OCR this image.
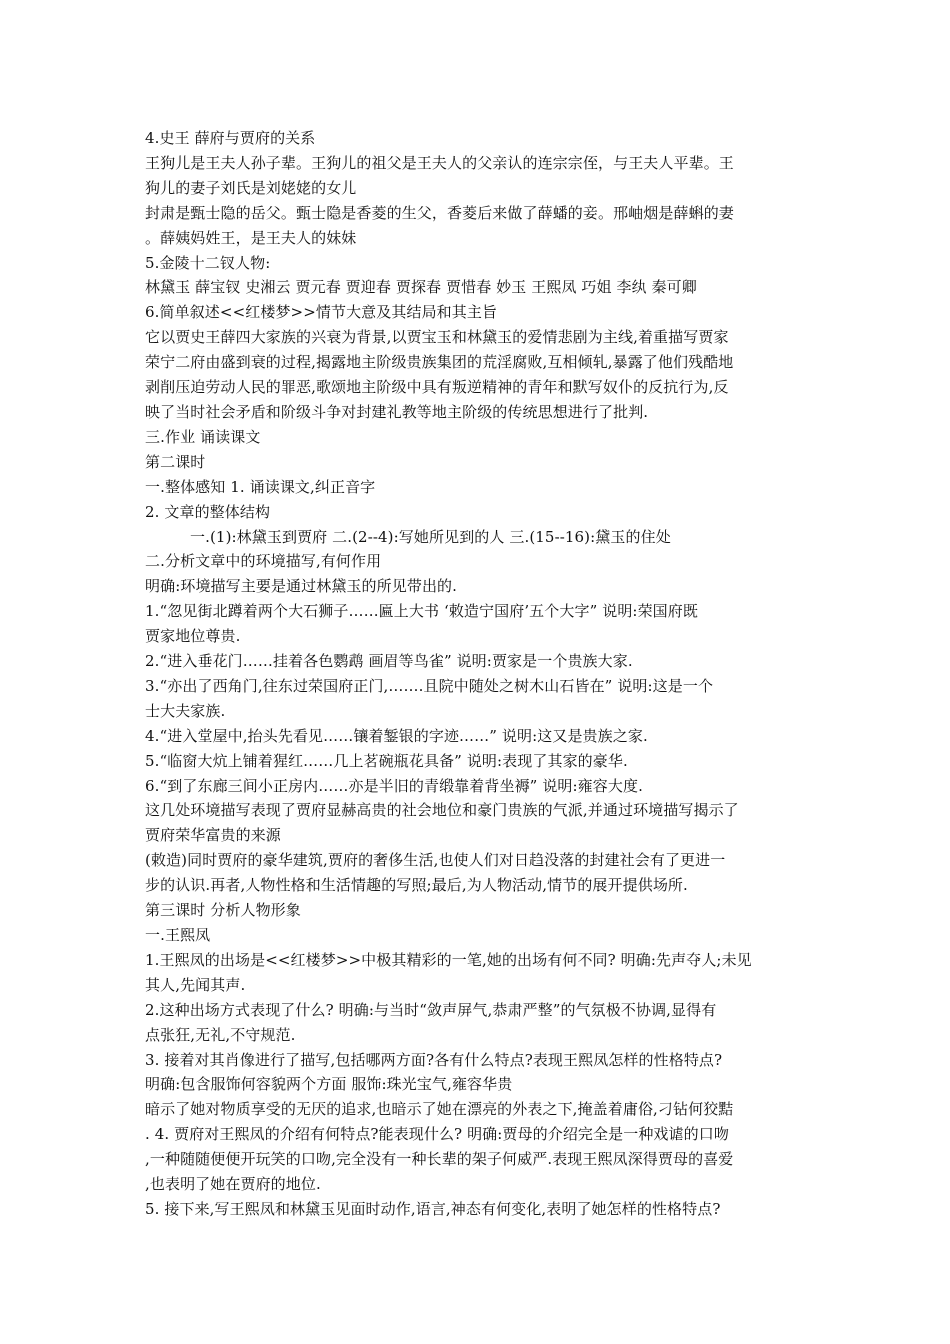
4.史王 薛府与贾府的关系
王狗儿是王夫人孙子辈。王狗儿的祖父是王夫人的父亲认的连宗宗侄，与王夫人平辈。王
狗儿的妻子刘氏是刘姥姥的女儿
封肃是甄士隐的岳父。甄士隐是香菱的生父，香菱后来做了薛蟠的妾。邢岫烟是薛蝌的妻
。薛姨妈姓王，是王夫人的妹妹
5.金陵十二钗人物:
林黛玉 薛宝钗 史湘云 贾元春 贾迎春 贾探春 贾惜春 妙玉 王熙凤 巧姐 李纨 秦可卿
6.简单叙述<<红楼梦>>情节大意及其结局和其主旨
它以贾史王薛四大家族的兴衰为背景,以贾宝玉和林黛玉的爱情悲剧为主线,着重描写贾家
荣宁二府由盛到衰的过程,揭露地主阶级贵族集团的荒淫腐败,互相倾轧,暴露了他们残酷地
剥削压迫劳动人民的罪恶,歌颂地主阶级中具有叛逆精神的青年和默写奴仆的反抗行为,反
映了当时社会矛盾和阶级斗争对封建礼教等地主阶级的传统思想进行了批判.
三.作业 诵读课文
第二课时
一.整体感知 1. 诵读课文,纠正音字
2. 文章的整体结构
一.(1):林黛玉到贾府 二.(2--4):写她所见到的人 三.(15--16):黛玉的住处
二.分析文章中的环境描写,有何作用
明确:环境描写主要是通过林黛玉的所见带出的.
1.“忽见街北蹲着两个大石狮子……匾上大书 ‘敕造宁国府’五个大字” 说明:荣国府既
贾家地位尊贵.
2.“进入垂花门……挂着各色鹦鹉 画眉等鸟雀” 说明:贾家是一个贵族大家.
3.“亦出了西角门,往东过荣国府正门,…….且院中随处之树木山石皆在” 说明:这是一个
士大夫家族.
4.“进入堂屋中,抬头先看见……镶着錾银的字迹……” 说明:这又是贵族之家.
5.“临窗大炕上铺着猩红……几上茗碗瓶花具备” 说明:表现了其家的豪华.
6.“到了东廊三间小正房内……亦是半旧的青缎靠着背坐褥” 说明:雍容大度.
这几处环境描写表现了贾府显赫高贵的社会地位和豪门贵族的气派,并通过环境描写揭示了
贾府荣华富贵的来源
(敕造)同时贾府的豪华建筑,贾府的奢侈生活,也使人们对日趋没落的封建社会有了更进一
步的认识.再者,人物性格和生活情趣的写照;最后,为人物活动,情节的展开提供场所.
第三课时 分析人物形象
一.王熙凤
1.王熙凤的出场是<<红楼梦>>中极其精彩的一笔,她的出场有何不同? 明确:先声夺人;未见
其人,先闻其声.
2.这种出场方式表现了什么? 明确:与当时“敛声屏气,恭肃严整”的气氛极不协调,显得有
点张狂,无礼,不守规范.
3. 接着对其肖像进行了描写,包括哪两方面?各有什么特点?表现王熙凤怎样的性格特点?
明确:包含服饰何容貌两个方面 服饰:珠光宝气,雍容华贵
暗示了她对物质享受的无厌的追求,也暗示了她在漂亮的外表之下,掩盖着庸俗,刁钻何狡黠
. 4. 贾府对王熙凤的介绍有何特点?能表现什么? 明确:贾母的介绍完全是一种戏谑的口吻
,一种随随便便开玩笑的口吻,完全没有一种长辈的架子何威严.表现王熙凤深得贾母的喜爱
,也表明了她在贾府的地位.
5. 接下来,写王熙凤和林黛玉见面时动作,语言,神态有何变化,表明了她怎样的性格特点?
